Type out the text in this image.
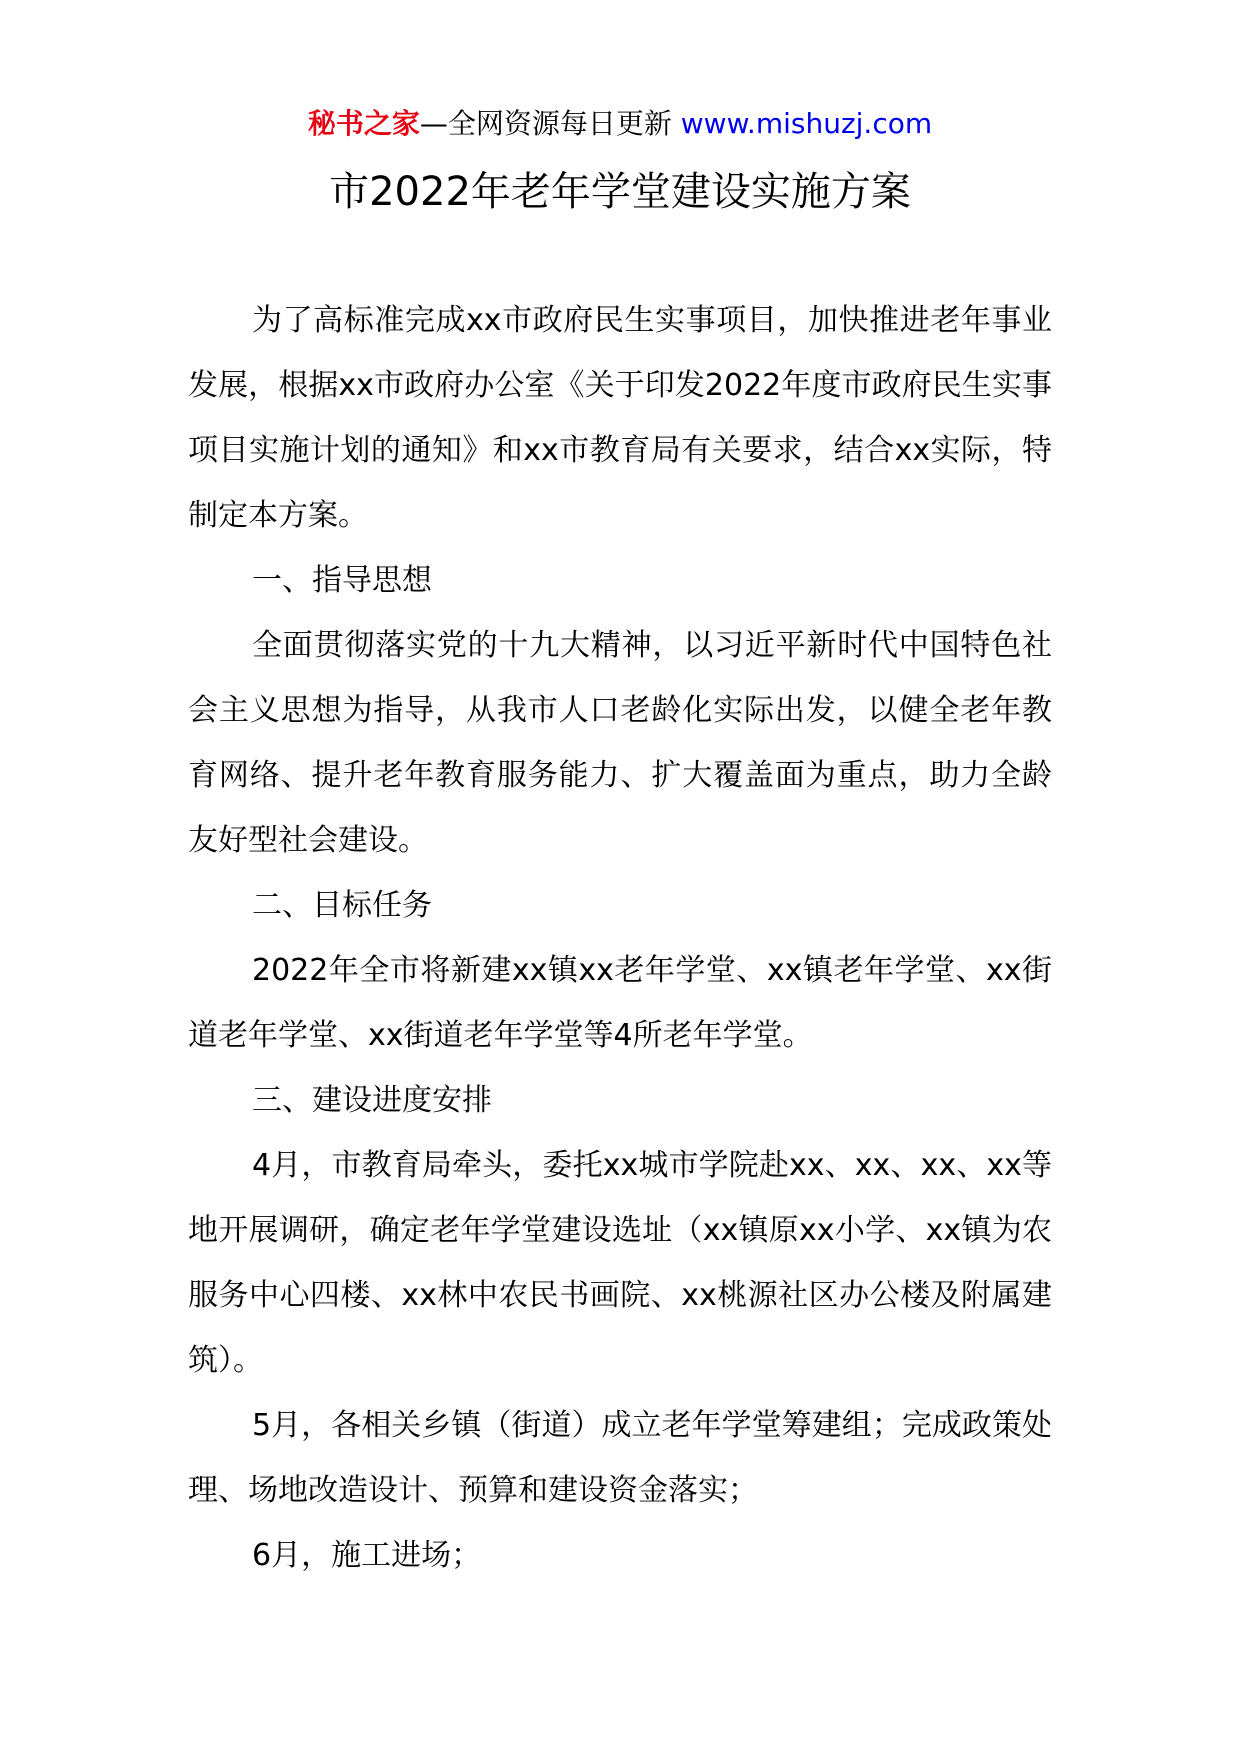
秘书之家—全网资源每日更新 www.mishuzj.com
市2022年老年学堂建设实施方案

为了高标准完成xx市政府民生实事项目，加快推进老年事业发展，根据xx市政府办公室《关于印发2022年度市政府民生实事项目实施计划的通知》和xx市教育局有关要求，结合xx实际，特制定本方案。

一、指导思想

全面贯彻落实党的十九大精神，以习近平新时代中国特色社会主义思想为指导，从我市人口老龄化实际出发，以健全老年教育网络、提升老年教育服务能力、扩大覆盖面为重点，助力全龄友好型社会建设。

二、目标任务

2022年全市将新建xx镇xx老年学堂、xx镇老年学堂、xx街道老年学堂、xx街道老年学堂等4所老年学堂。

三、建设进度安排

4月，市教育局牵头，委托xx城市学院赴xx、xx、xx、xx等地开展调研，确定老年学堂建设选址（xx镇原xx小学、xx镇为农服务中心四楼、xx林中农民书画院、xx桃源社区办公楼及附属建筑）。

5月，各相关乡镇（街道）成立老年学堂筹建组；完成政策处理、场地改造设计、预算和建设资金落实；

6月，施工进场；
